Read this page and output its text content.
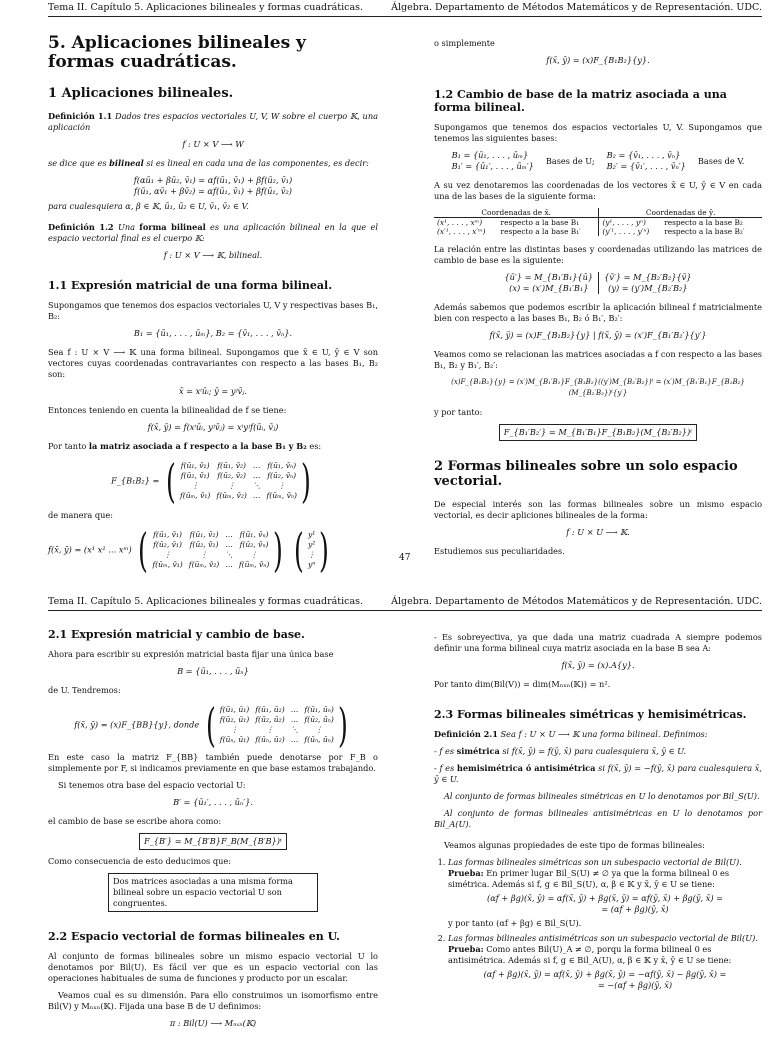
Tema II. Capítulo 5. Aplicaciones bilineales y formas cuadráticas.	Álgebra. Departamento de Métodos Matemáticos y de Representación. UDC.
5. Aplicaciones bilineales y formas cuadráticas.
1 Aplicaciones bilineales.

Definición 1.1 Dados tres espacios vectoriales U, V, W sobre el cuerpo 𝕂, una aplicación

f : U × V ⟶ W

se dice que es bilineal si es lineal en cada una de las componentes, es decir:

f(αū₁ + βū₂, v̄₁) = αf(ū₁, v̄₁) + βf(ū₂, v̄₁)
f(ū₁, αv̄₁ + βv̄₂) = αf(ū₁, v̄₁) + βf(ū₁, v̄₂)

para cualesquiera α, β ∈ 𝕂, ū₁, ū₂ ∈ U, v̄₁, v̄₂ ∈ V.

Definición 1.2 Una forma bilineal es una aplicación bilineal en la que el espacio vectorial final es el cuerpo 𝕂:

f : U × V ⟶ 𝕂, bilineal.
1.1 Expresión matricial de una forma bilineal.

Supongamos que tenemos dos espacios vectoriales U, V y respectivas bases B₁, B₂:

B₁ = {ū₁, . . . , ūₘ}, B₂ = {v̄₁, . . . , v̄ₙ}.

Sea f : U × V ⟶ 𝕂 una forma bilineal. Supongamos que x̄ ∈ U, ȳ ∈ V son vectores cuyas coordenadas contravariantes con respecto a las bases B₁, B₂ son:

x̄ = xⁱūᵢ; ȳ = yʲv̄ⱼ.

Entonces teniendo en cuenta la bilinealidad de f se tiene:

f(x̄, ȳ) = f(xⁱūᵢ, yʲv̄ⱼ) = xⁱyʲf(ūᵢ, v̄ⱼ)

Por tanto la matriz asociada a f respecto a la base B₁ y B₂ es:

F_{B₁B₂} = ( f(ū₁, v̄₁) f(ū₁, v̄₂) … f(ū₁, v̄ₙ)
f(ū₂, v̄₁) f(ū₂, v̄₂) … f(ū₂, v̄ₙ)
⋮	⋮	⋱	⋮
f(ūₘ, v̄₁) f(ūₘ, v̄₂) … f(ūₘ, v̄ₙ) )

de manera que:

f(x̄, ȳ) = (x¹ x² … xᵐ) ( f(ū₁, v̄₁) f(ū₁, v̄₂) … f(ū₁, v̄ₙ)
f(ū₂, v̄₁) f(ū₂, v̄₂) … f(ū₂, v̄ₙ)
⋮	⋮	⋱	⋮
f(ūₘ, v̄₁) f(ūₘ, v̄₂) … f(ūₘ, v̄ₙ) )
( y¹
y²
⋮
yⁿ )

o simplemente

f(x̄, ȳ) = (x)F_{B₁B₂}{y}.
1.2 Cambio de base de la matriz asociada a una forma bilineal.

Supongamos que tenemos dos espacios vectoriales U, V. Supongamos que tenemos las siguientes bases:

B₁ = {ū₁, . . . , ūₘ}
B₁′ = {ū₁′, . . . , ūₘ′}
Bases de U;
B₂ = {v̄₁, . . . , v̄ₙ}
B₂′ = {v̄₁′, . . . , v̄ₙ′}
Bases de V.

A su vez denotaremos las coordenadas de los vectores x̄ ∈ U, ȳ ∈ V en cada una de las bases de la siguiente forma:

Coordenadas de x̄.		Coordenadas de ȳ.	
(x¹, . . . , xᵐ)	respecto a la base B₁	(y¹, . . . , yⁿ)	respecto a la base B₂
(x′¹, . . . , x′ᵐ)	respecto a la base B₁′	(y′¹, . . . , y′ⁿ)	respecto a la base B₂′

La relación entre las distintas bases y coordenadas utilizando las matrices de cambio de base es la siguiente:

{ū′} = M_{B₁′B₁}{ū}
(x) = (x′)M_{B₁′B₁}
{v̄′} = M_{B₂′B₂}{v̄}
(y) = (y′)M_{B₂′B₂}

Además sabemos que podemos escribir la aplicación bilineal f matricialmente bien con respecto a las bases B₁, B₂ ó B₁′, B₂′:

f(x̄, ȳ) = (x)F_{B₁B₂}{y} | f(x̄, ȳ) = (x′)F_{B₁′B₂′}{y′}

Veamos como se relacionan las matrices asociadas a f con respecto a las bases B₁, B₂ y B₁′, B₂′:

(x)F_{B₁B₂}{y} = (x′)M_{B₁′B₁}F_{B₁B₂}((y′)M_{B₂′B₂})ᵗ = (x′)M_{B₁′B₁}F_{B₁B₂}(M_{B₂′B₂})ᵗ{y′}

y por tanto:

F_{B₁′B₂′} = M_{B₁′B₁}F_{B₁B₂}(M_{B₂′B₂})ᵗ
2 Formas bilineales sobre un solo espacio vectorial.

De especial interés son las formas bilineales sobre un mismo espacio vectorial, es decir apliciones bilineales de la forma:

f : U × U ⟶ 𝕂.

Estudiemos sus peculiaridades.

47
Tema II. Capítulo 5. Aplicaciones bilineales y formas cuadráticas.	Álgebra. Departamento de Métodos Matemáticos y de Representación. UDC.
2.1 Expresión matricial y cambio de base.

Ahora para escribir su expresión matricial basta fijar una única base

B = {ū₁, . . . , ūₙ}

de U. Tendremos:

f(x̄, ȳ) = (x)F_{BB}{y}, donde ( f(ū₁, ū₁) f(ū₁, ū₂) … f(ū₁, ūₙ)
f(ū₂, ū₁) f(ū₂, ū₂) … f(ū₂, ūₙ)
⋮	⋮	⋱	⋮
f(ūₙ, ū₁) f(ūₙ, ū₂) … f(ūₙ, ūₙ) )

En este caso la matriz F_{BB} también puede denotarse por F_B o simplemente por F, si indicamos previamente en que base estamos trabajando.

Si tenemos otra base del espacio vectorial U:

B′ = {ū₁′, . . . , ūₙ′}.

el cambio de base se escribe ahora como:

F_{B′} = M_{B′B}F_B(M_{B′B})ᵗ

Como consecuencia de esto deducimos que:

Dos matrices asociadas a una misma forma bilineal sobre un espacio vectorial U son congruentes.
2.2 Espacio vectorial de formas bilineales en U.

Al conjunto de formas bilineales sobre un mismo espacio vectorial U lo denotamos por Bil(U). Es fácil ver que es un espacio vectorial con las operaciones habituales de suma de funciones y producto por un escalar.

Veamos cual es su dimensión. Para ello construimos un isomorfismo entre Bil(V) y Mₙₓₙ(𝕂). Fijada una base B de U definimos:

π : Bil(U) ⟶ Mₙₓₙ(𝕂)

- Es sobreyectiva, ya que dada una matriz cuadrada A siempre podemos definir una forma bilineal cuya matriz asociada en la base B sea A:

f(x̄, ȳ) = (x).A{y}.

Por tanto dim(Bil(V)) = dim(Mₙₓₙ(𝕂)) = n².

2.3 Formas bilineales simétricas y hemisimétricas.

Definición 2.1 Sea f : U × U ⟶ 𝕂 una forma bilineal. Definimos:

- f es simétrica si f(x̄, ȳ) = f(ȳ, x̄) para cualesquiera x̄, ȳ ∈ U.

- f es hemisimétrica ó antisimétrica si f(x̄, ȳ) = −f(ȳ, x̄) para cualesquiera x̄, ȳ ∈ U.

Al conjunto de formas bilineales simétricas en U lo denotamos por Bil_S(U).

Al conjunto de formas bilineales antisimétricas en U lo denotamos por Bil_A(U).

Veamos algunas propiedades de este tipo de formas bilineales:

1. Las formas bilineales simétricas son un subespacio vectorial de Bil(U).
Prueba: En primer lugar Bil_S(U) ≠ ∅ ya que la forma bilineal 0 es simétrica. Además si f, g ∈ Bil_S(U), α, β ∈ 𝕂 y x̄, ȳ ∈ U se tiene:
(αf + βg)(x̄, ȳ) = αf(x̄, ȳ) + βg(x̄, ȳ) = αf(ȳ, x̄) + βg(ȳ, x̄) =
= (αf + βg)(ȳ, x̄)
y por tanto (αf + βg) ∈ Bil_S(U).
2. Las formas bilineales antisimétricas son un subespacio vectorial de Bil(U).
Prueba: Como antes Bil(U)_A ≠ ∅, porqu la forma bilineal 0 es antisimétrica. Además si f, g ∈ Bil_A(U), α, β ∈ 𝕂 y x̄, ȳ ∈ U se tiene:
(αf + βg)(x̄, ȳ) = αf(x̄, ȳ) + βg(x̄, ȳ) = −αf(ȳ, x̄) − βg(ȳ, x̄) =
= −(αf + βg)(ȳ, x̄)
